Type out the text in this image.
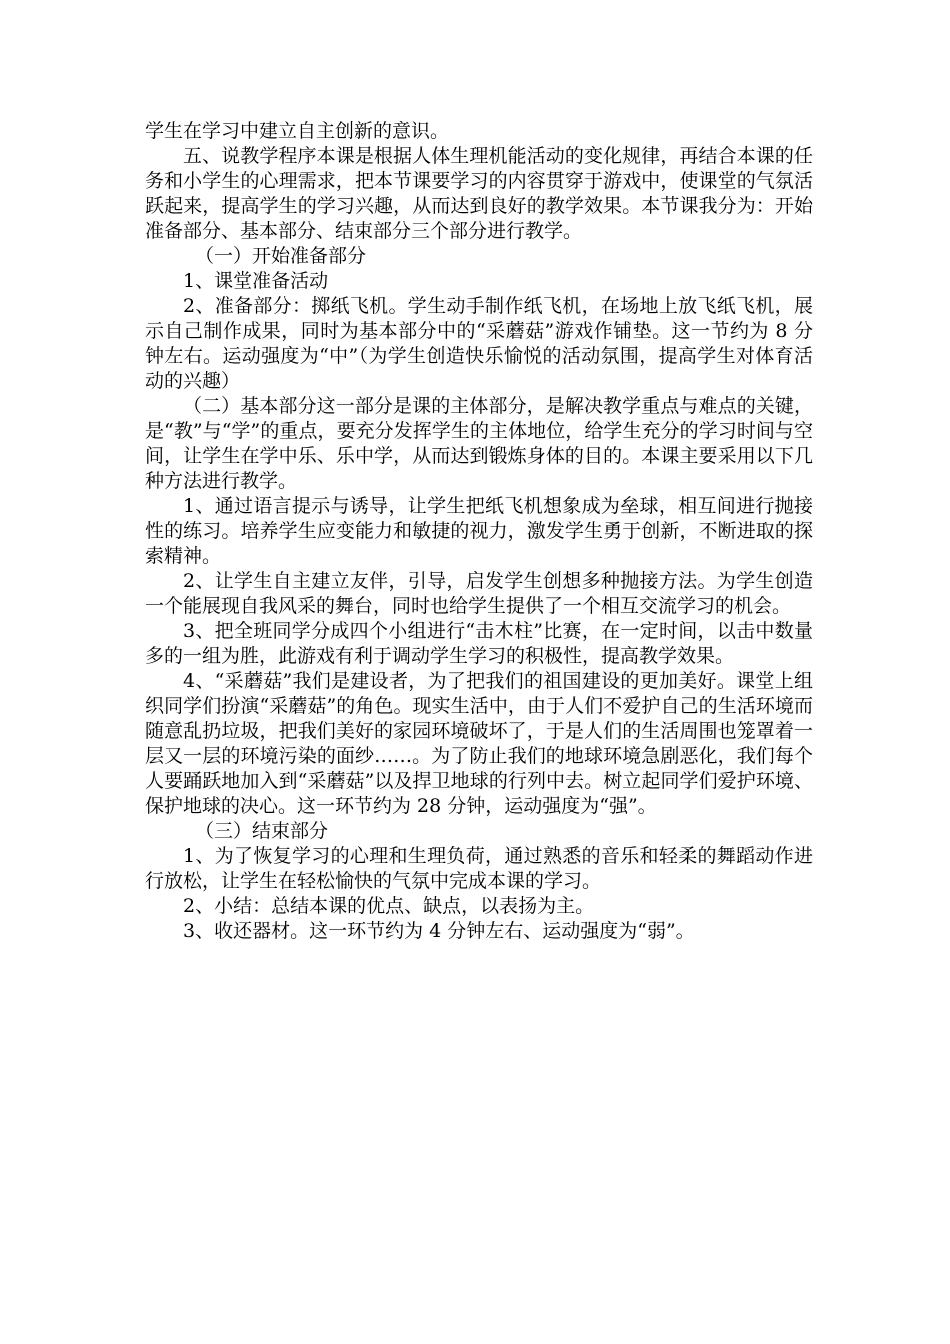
学生在学习中建立自主创新的意识。

五、说教学程序本课是根据人体生理机能活动的变化规律，再结合本课的任务和小学生的心理需求，把本节课要学习的内容贯穿于游戏中，使课堂的气氛活跃起来，提高学生的学习兴趣，从而达到良好的教学效果。本节课我分为：开始准备部分、基本部分、结束部分三个部分进行教学。

（一）开始准备部分

1、课堂准备活动

2、准备部分：掷纸飞机。学生动手制作纸飞机，在场地上放飞纸飞机，展示自己制作成果，同时为基本部分中的“采蘑菇”游戏作铺垫。这一节约为 8 分钟左右。运动强度为“中”（为学生创造快乐愉悦的活动氛围，提高学生对体育活动的兴趣）

（二）基本部分这一部分是课的主体部分，是解决教学重点与难点的关键，是“教”与“学”的重点，要充分发挥学生的主体地位，给学生充分的学习时间与空间，让学生在学中乐、乐中学，从而达到锻炼身体的目的。本课主要采用以下几种方法进行教学。

1、通过语言提示与诱导，让学生把纸飞机想象成为垒球，相互间进行抛接性的练习。培养学生应变能力和敏捷的视力，激发学生勇于创新，不断进取的探索精神。

2、让学生自主建立友伴，引导，启发学生创想多种抛接方法。为学生创造一个能展现自我风采的舞台，同时也给学生提供了一个相互交流学习的机会。

3、把全班同学分成四个小组进行“击木柱”比赛，在一定时间，以击中数量多的一组为胜，此游戏有利于调动学生学习的积极性，提高教学效果。

4、“采蘑菇”我们是建设者，为了把我们的祖国建设的更加美好。课堂上组织同学们扮演“采蘑菇”的角色。现实生活中，由于人们不爱护自己的生活环境而随意乱扔垃圾，把我们美好的家园环境破坏了，于是人们的生活周围也笼罩着一层又一层的环境污染的面纱……。为了防止我们的地球环境急剧恶化，我们每个人要踊跃地加入到“采蘑菇”以及捍卫地球的行列中去。树立起同学们爱护环境、保护地球的决心。这一环节约为 28 分钟，运动强度为“强”。

（三）结束部分

1、为了恢复学习的心理和生理负荷，通过熟悉的音乐和轻柔的舞蹈动作进行放松，让学生在轻松愉快的气氛中完成本课的学习。

2、小结：总结本课的优点、缺点，以表扬为主。

3、收还器材。这一环节约为 4 分钟左右、运动强度为“弱”。
